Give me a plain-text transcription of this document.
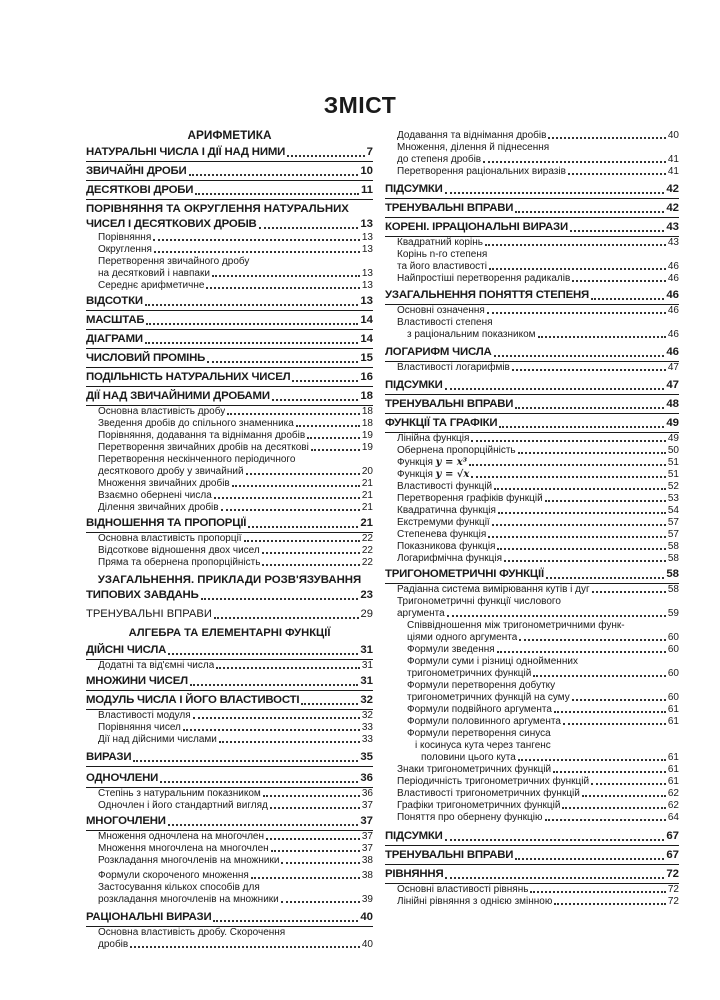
ЗМІСТ
АРИФМЕТИКА
НАТУРАЛЬНІ ЧИСЛА І ДІЇ НАД НИМИ	7
ЗВИЧАЙНІ ДРОБИ	10
ДЕСЯТКОВІ ДРОБИ	11
ПОРІВНЯННЯ ТА ОКРУГЛЕННЯ НАТУРАЛЬНИХ
ЧИСЕЛ І ДЕСЯТКОВИХ ДРОБІВ	13
Порівняння	13
Округлення	13
Перетворення звичайного дробу
на десятковий і навпаки	13
Середнє арифметичне	13
ВІДСОТКИ	13
МАСШТАБ	14
ДІАГРАМИ	14
ЧИСЛОВИЙ ПРОМІНЬ	15
ПОДІЛЬНІСТЬ НАТУРАЛЬНИХ ЧИСЕЛ	16
ДІЇ НАД ЗВИЧАЙНИМИ ДРОБАМИ	18
Основна властивість дробу	18
Зведення дробів до спільного знаменника	18
Порівняння, додавання та віднімання дробів	19
Перетворення звичайних дробів на десяткові	19
Перетворення нескінченного періодичного
десяткового дробу у звичайний	20
Множення звичайних дробів	21
Взаємно обернені числа	21
Ділення звичайних дробів	21
ВІДНОШЕННЯ ТА ПРОПОРЦІЇ	21
Основна властивість пропорції	22
Відсоткове відношення двох чисел	22
Пряма та обернена пропорційність	22
УЗАГАЛЬНЕННЯ. ПРИКЛАДИ РОЗВ'ЯЗУВАННЯ
ТИПОВИХ ЗАВДАНЬ	23
ТРЕНУВАЛЬНІ ВПРАВИ	29
АЛГЕБРА ТА ЕЛЕМЕНТАРНІ ФУНКЦІЇ
ДІЙСНІ ЧИСЛА	31
Додатні та від'ємні числа	31
МНОЖИНИ ЧИСЕЛ	31
МОДУЛЬ ЧИСЛА І ЙОГО ВЛАСТИВОСТІ	32
Властивості модуля	32
Порівняння чисел	33
Дії над дійсними числами	33
ВИРАЗИ	35
ОДНОЧЛЕНИ	36
Степінь з натуральним показником	36
Одночлен і його стандартний вигляд	37
МНОГОЧЛЕНИ	37
Множення одночлена на многочлен	37
Множення многочлена на многочлен	37
Розкладання многочленів на множники	38
Формули скороченого множення	38
Застосування кількох способів для
розкладання многочленів на множники	39
РАЦІОНАЛЬНІ ВИРАЗИ	40
Основна властивість дробу. Скорочення
дробів	40
Додавання та віднімання дробів	40
Множення, ділення й піднесення
до степеня дробів	41
Перетворення раціональних виразів	41
ПІДСУМКИ	42
ТРЕНУВАЛЬНІ ВПРАВИ	42
КОРЕНІ. ІРРАЦІОНАЛЬНІ ВИРАЗИ	43
Квадратний корінь	43
Корінь n-го степеня
та його властивості	46
Найпростіші перетворення радикалів	46
УЗАГАЛЬНЕННЯ ПОНЯТТЯ СТЕПЕНЯ	46
Основні означення	46
Властивості степеня
з раціональним показником	46
ЛОГАРИФМ ЧИСЛА	46
Властивості логарифмів	47
ПІДСУМКИ	47
ТРЕНУВАЛЬНІ ВПРАВИ	48
ФУНКЦІЇ ТА ГРАФІКИ	49
Лінійна функція	49
Обернена пропорційність	50
Функція
y = x³	51
Функція
y = √x	51
Властивості функцій	52
Перетворення графіків функцій	53
Квадратична функція	54
Екстремуми функції	57
Степенева функція	57
Показникова функція	58
Логарифмічна функція	58
ТРИГОНОМЕТРИЧНІ ФУНКЦІЇ	58
Радіанна система вимірювання кутів і дуг	58
Тригонометричні функції числового
аргумента	59
Співвідношення між тригонометричними функ-
ціями одного аргумента	60
Формули зведення	60
Формули суми і різниці однойменних
тригонометричних функцій	60
Формули перетворення добутку
тригонометричних функцій на суму	60
Формули подвійного аргумента	61
Формули половинного аргумента	61
Формули перетворення синуса
і косинуса кута через тангенс
половини цього кута	61
Знаки тригонометричних функцій	61
Періодичність тригонометричних функцій	61
Властивості тригонометричних функцій	62
Графіки тригонометричних функцій	62
Поняття про обернену функцію	64
ПІДСУМКИ	67
ТРЕНУВАЛЬНІ ВПРАВИ	67
РІВНЯННЯ	72
Основні властивості рівнянь	72
Лінійні рівняння з однією змінною	72
